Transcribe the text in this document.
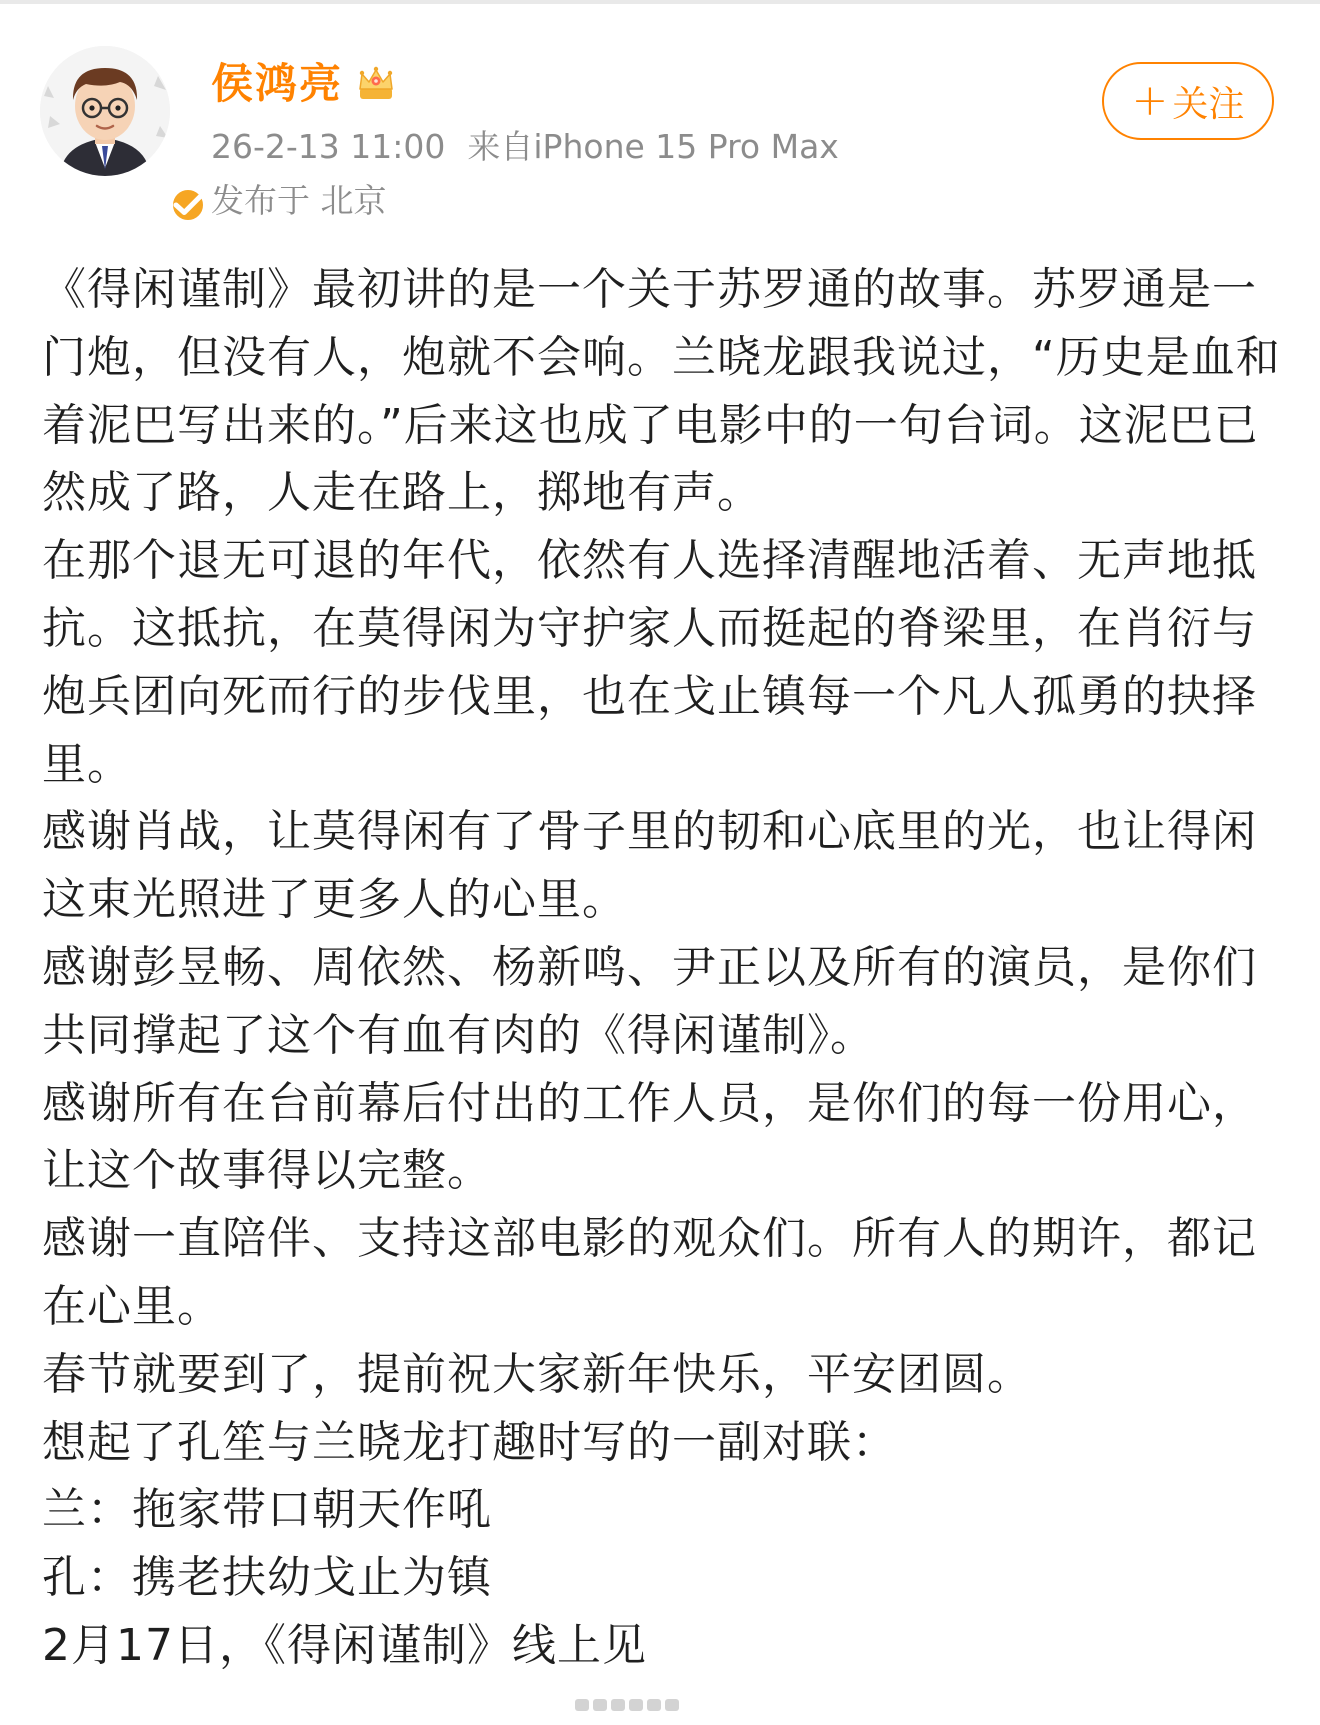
侯鸿亮
26-2-13 11:00 来自iPhone 15 Pro Max
发布于 北京
+ 关注

《得闲谨制》最初讲的是一个关于苏罗通的故事。苏罗通是一门炮，但没有人，炮就不会响。兰晓龙跟我说过，“历史是血和着泥巴写出来的。”后来这也成了电影中的一句台词。这泥巴已然成了路，人走在路上，掷地有声。

在那个退无可退的年代，依然有人选择清醒地活着、无声地抵抗。这抵抗，在莫得闲为守护家人而挺起的脊梁里，在肖衍与炮兵团向死而行的步伐里，也在戈止镇每一个凡人孤勇的抉择里。

感谢肖战，让莫得闲有了骨子里的韧和心底里的光，也让得闲这束光照进了更多人的心里。

感谢彭昱畅、周依然、杨新鸣、尹正以及所有的演员，是你们共同撑起了这个有血有肉的《得闲谨制》。

感谢所有在台前幕后付出的工作人员，是你们的每一份用心，让这个故事得以完整。

感谢一直陪伴、支持这部电影的观众们。所有人的期许，都记在心里。

春节就要到了，提前祝大家新年快乐，平安团圆。

想起了孔笙与兰晓龙打趣时写的一副对联：

兰：拖家带口朝天作吼

孔：携老扶幼戈止为镇

2月17日，《得闲谨制》线上见
